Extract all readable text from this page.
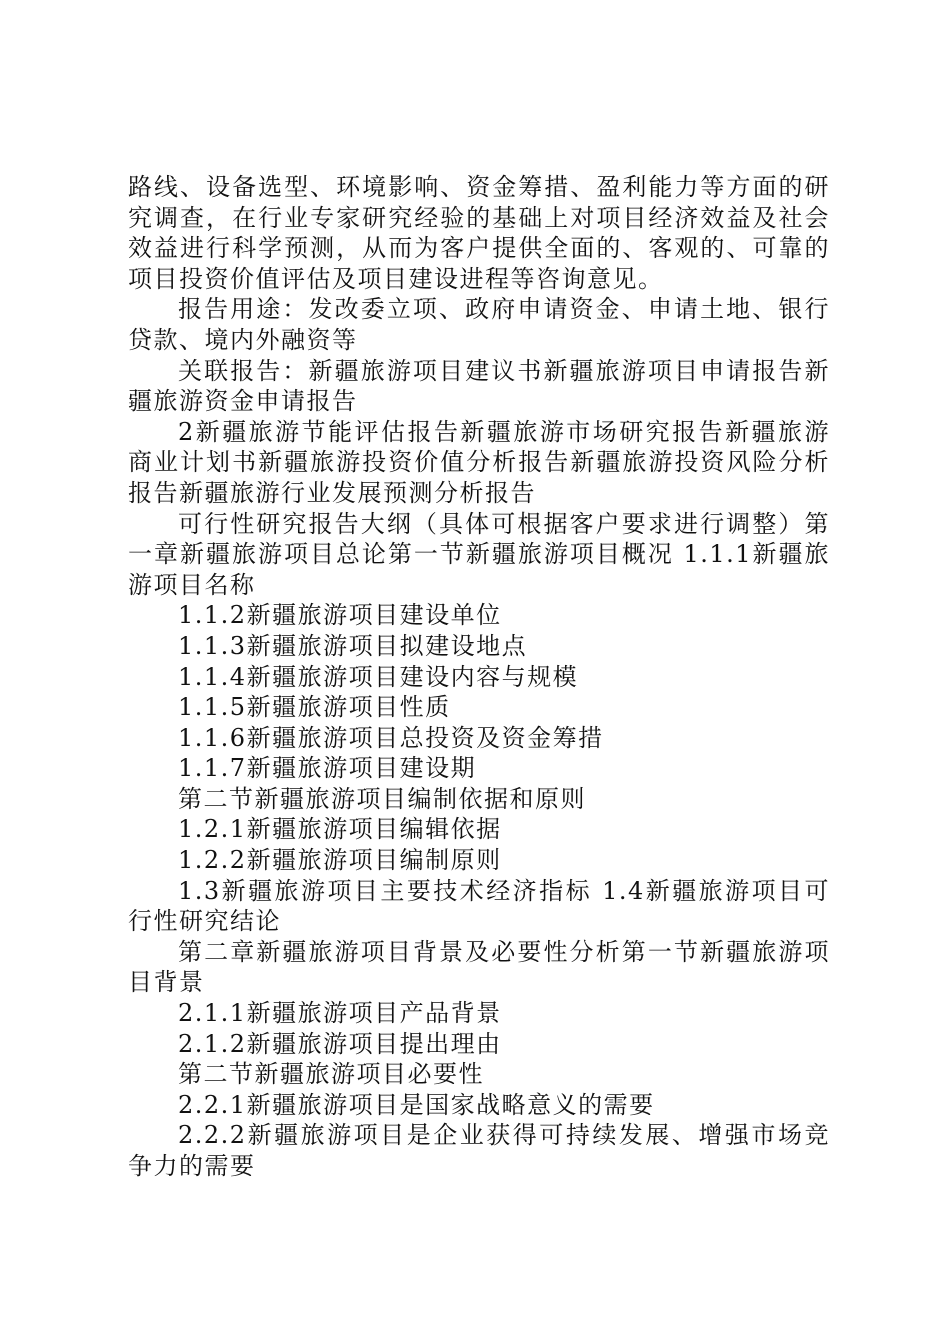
路线、设备选型、环境影响、资金筹措、盈利能力等方面的研究调查，在行业专家研究经验的基础上对项目经济效益及社会效益进行科学预测，从而为客户提供全面的、客观的、可靠的项目投资价值评估及项目建设进程等咨询意见。

报告用途：发改委立项、政府申请资金、申请土地、银行贷款、境内外融资等

关联报告：新疆旅游项目建议书新疆旅游项目申请报告新疆旅游资金申请报告

2新疆旅游节能评估报告新疆旅游市场研究报告新疆旅游商业计划书新疆旅游投资价值分析报告新疆旅游投资风险分析报告新疆旅游行业发展预测分析报告

可行性研究报告大纲（具体可根据客户要求进行调整）第一章新疆旅游项目总论第一节新疆旅游项目概况 1.1.1新疆旅游项目名称

1.1.2新疆旅游项目建设单位

1.1.3新疆旅游项目拟建设地点

1.1.4新疆旅游项目建设内容与规模

1.1.5新疆旅游项目性质

1.1.6新疆旅游项目总投资及资金筹措

1.1.7新疆旅游项目建设期

第二节新疆旅游项目编制依据和原则

1.2.1新疆旅游项目编辑依据

1.2.2新疆旅游项目编制原则

1.3新疆旅游项目主要技术经济指标 1.4新疆旅游项目可行性研究结论

第二章新疆旅游项目背景及必要性分析第一节新疆旅游项目背景

2.1.1新疆旅游项目产品背景

2.1.2新疆旅游项目提出理由

第二节新疆旅游项目必要性

2.2.1新疆旅游项目是国家战略意义的需要

2.2.2新疆旅游项目是企业获得可持续发展、增强市场竞争力的需要
